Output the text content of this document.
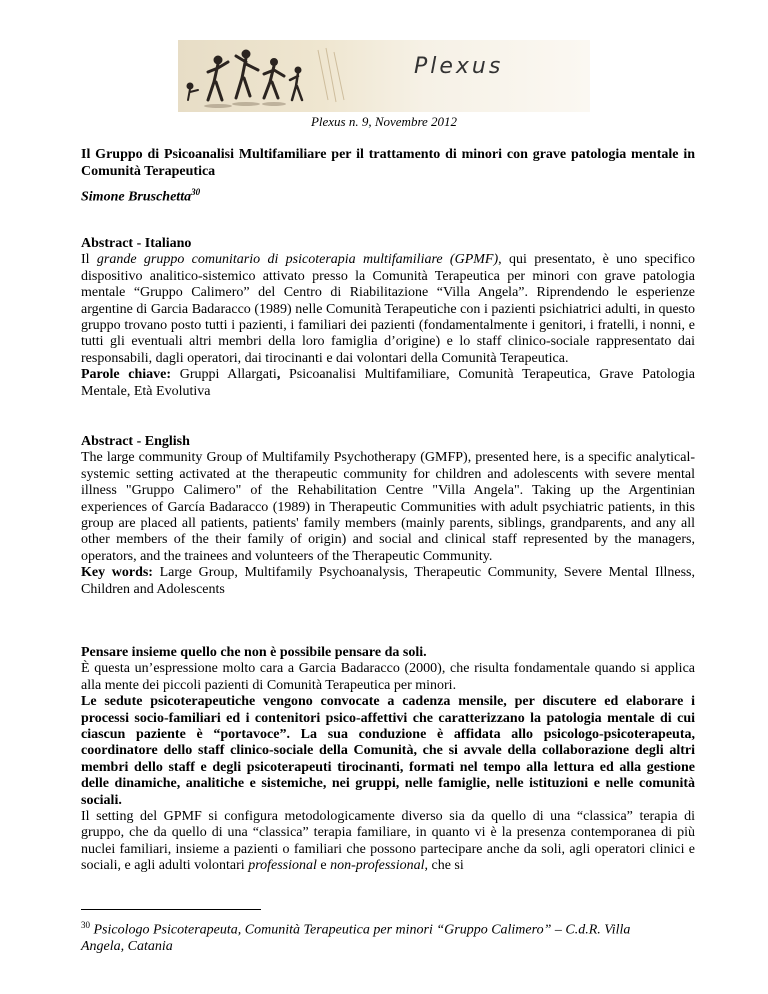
Plexus
Plexus n. 9, Novembre 2012
Il Gruppo di Psicoanalisi Multifamiliare per il trattamento di minori con grave patologia mentale in Comunità Terapeutica
Simone Bruschetta$^{30}$

Abstract - Italiano

Il grande gruppo comunitario di psicoterapia multifamiliare (GPMF), qui presentato, è uno specifico dispositivo analitico-sistemico attivato presso la Comunità Terapeutica per minori con grave patologia mentale “Gruppo Calimero” del Centro di Riabilitazione “Villa Angela”. Riprendendo le esperienze argentine di Garcia Badaracco (1989) nelle Comunità Terapeutiche con i pazienti psichiatrici adulti, in questo gruppo trovano posto tutti i pazienti, i familiari dei pazienti (fondamentalmente i genitori, i fratelli, i nonni, e tutti gli eventuali altri membri della loro famiglia d’origine) e lo staff clinico-sociale rappresentato dai responsabili, dagli operatori, dai tirocinanti e dai volontari della Comunità Terapeutica.

Parole chiave: Gruppi Allargati, Psicoanalisi Multifamiliare, Comunità Terapeutica, Grave Patologia Mentale, Età Evolutiva

Abstract - English

The large community Group of Multifamily Psychotherapy (GMFP), presented here, is a specific analytical-systemic setting activated at the therapeutic community for children and adolescents with severe mental illness "Gruppo Calimero" of the Rehabilitation Centre "Villa Angela". Taking up the Argentinian experiences of García Badaracco (1989) in Therapeutic Communities with adult psychiatric patients, in this group are placed all patients, patients' family members (mainly parents, siblings, grandparents, and any all other members of the their family of origin) and social and clinical staff represented by the managers, operators, and the trainees and volunteers of the Therapeutic Community.

Key words: Large Group, Multifamily Psychoanalysis, Therapeutic Community, Severe Mental Illness, Children and Adolescents

Pensare insieme quello che non è possibile pensare da soli.

È questa un’espressione molto cara a Garcia Badaracco (2000), che risulta fondamentale quando si applica alla mente dei piccoli pazienti di Comunità Terapeutica per minori.

Le sedute psicoterapeutiche vengono convocate a cadenza mensile, per discutere ed elaborare i processi socio-familiari ed i contenitori psico-affettivi che caratterizzano la patologia mentale di cui ciascun paziente è “portavoce”. La sua conduzione è affidata allo psicologo-psicoterapeuta, coordinatore dello staff clinico-sociale della Comunità, che si avvale della collaborazione degli altri membri dello staff e degli psicoterapeuti tirocinanti, formati nel tempo alla lettura ed alla gestione delle dinamiche, analitiche e sistemiche, nei gruppi, nelle famiglie, nelle istituzioni e nelle comunità sociali.

Il setting del GPMF si configura metodologicamente diverso sia da quello di una “classica” terapia di gruppo, che da quello di una “classica” terapia familiare, in quanto vi è la presenza contemporanea di più nuclei familiari, insieme a pazienti o familiari che possono partecipare anche da soli, agli operatori clinici e sociali, e agli adulti volontari professional e non-professional, che si

$^{30}$ Psicologo Psicoterapeuta, Comunità Terapeutica per minori “Gruppo Calimero” – C.d.R. Villa Angela, Catania
